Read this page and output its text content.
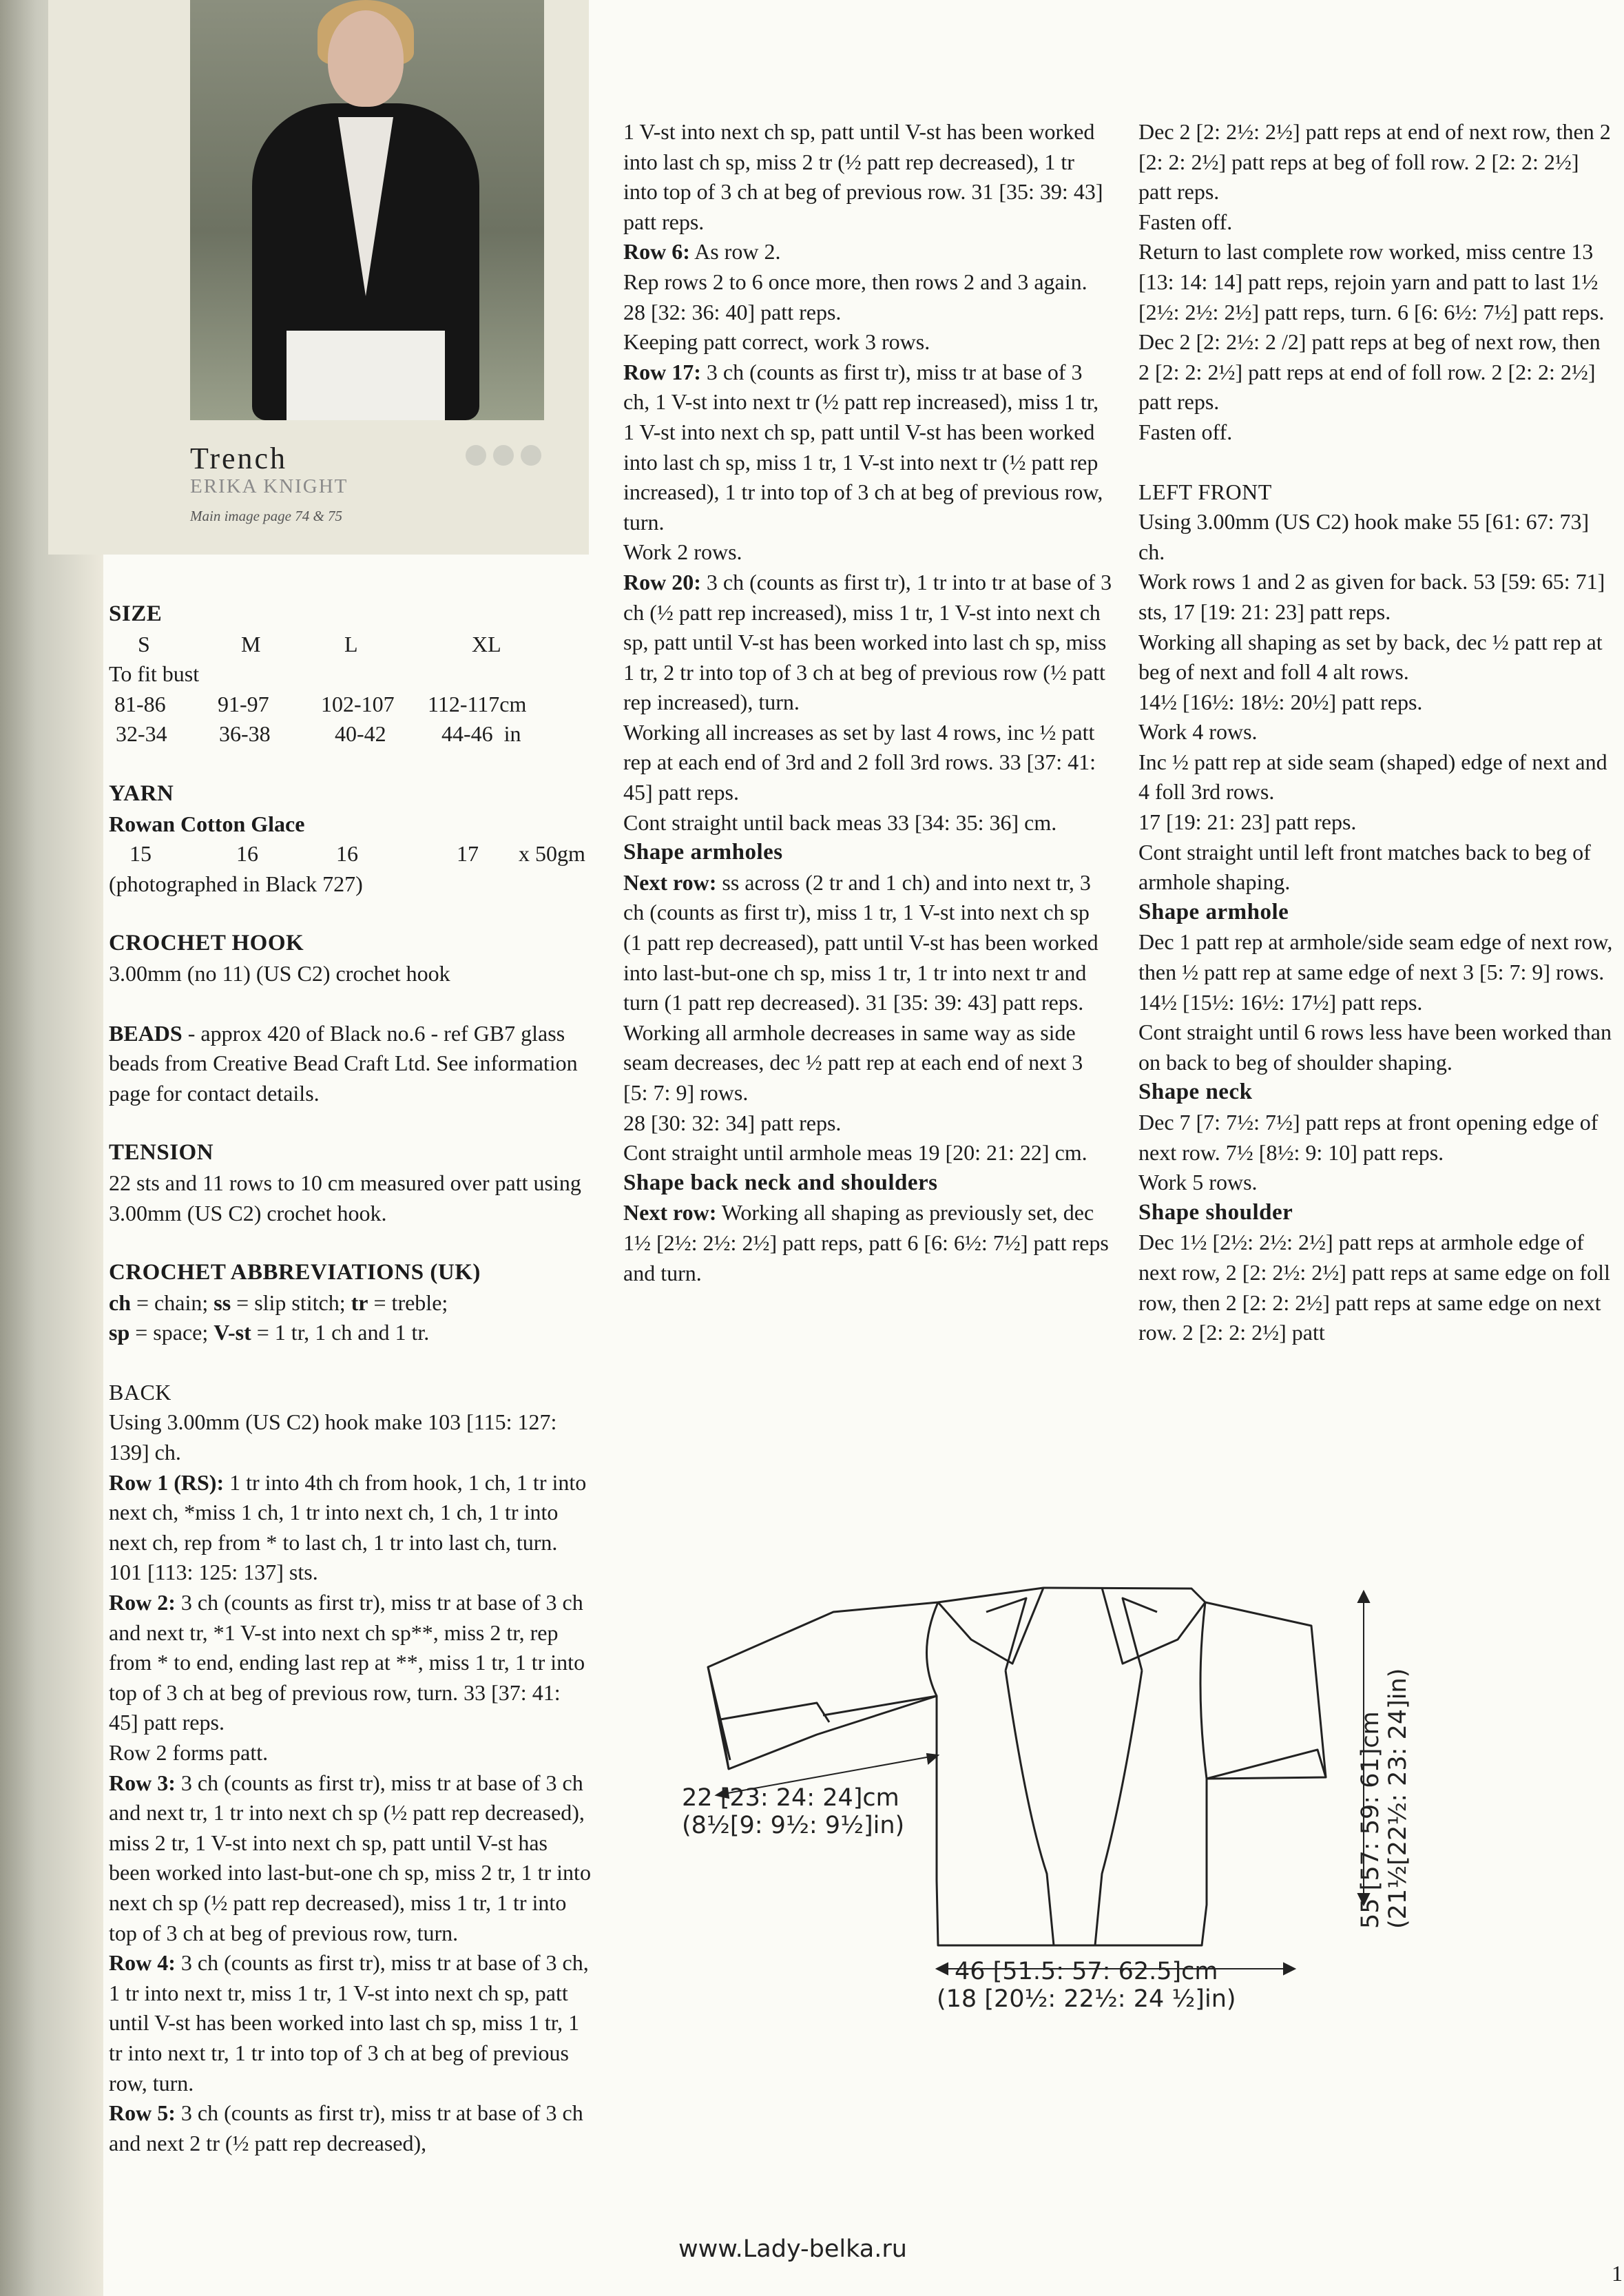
Trench
ERIKA KNIGHT
Main image page 74 & 75

SIZE

S	M	L	XL

To fit bust

81-86	91-97	102-107	112-117cm
32-34	36-38	40-42	44-46  in

YARN

Rowan Cotton Glace

15	16	16	17	x 50gm

(photographed in Black 727)

CROCHET HOOK

3.00mm (no 11) (US C2) crochet hook

BEADS - approx 420 of Black no.6 - ref GB7 glass beads from Creative Bead Craft Ltd. See information page for contact details.

TENSION

22 sts and 11 rows to 10 cm measured over patt using 3.00mm (US C2) crochet hook.

CROCHET ABBREVIATIONS (UK)

ch = chain; ss = slip stitch; tr = treble;

sp = space; V-st = 1 tr, 1 ch and 1 tr.

BACK

Using 3.00mm (US C2) hook make 103 [115: 127: 139] ch.

Row 1 (RS): 1 tr into 4th ch from hook, 1 ch, 1 tr into next ch, *miss 1 ch, 1 tr into next ch, 1 ch, 1 tr into next ch, rep from * to last ch, 1 tr into last ch, turn.

101 [113: 125: 137] sts.

Row 2: 3 ch (counts as first tr), miss tr at base of 3 ch and next tr, *1 V-st into next ch sp**, miss 2 tr, rep from * to end, ending last rep at **, miss 1 tr, 1 tr into top of 3 ch at beg of previous row, turn. 33 [37: 41: 45] patt reps.

Row 2 forms patt.

Row 3: 3 ch (counts as first tr), miss tr at base of 3 ch and next tr, 1 tr into next ch sp (½ patt rep decreased), miss 2 tr, 1 V-st into next ch sp, patt until V-st has been worked into last-but-one ch sp, miss 2 tr, 1 tr into next ch sp (½ patt rep decreased), miss 1 tr, 1 tr into top of 3 ch at beg of previous row, turn.

Row 4: 3 ch (counts as first tr), miss tr at base of 3 ch, 1 tr into next tr, miss 1 tr, 1 V-st into next ch sp, patt until V-st has been worked into last ch sp, miss 1 tr, 1 tr into next tr, 1 tr into top of 3 ch at beg of previous row, turn.

Row 5: 3 ch (counts as first tr), miss tr at base of 3 ch and next 2 tr (½ patt rep decreased),

1 V-st into next ch sp, patt until V-st has been worked into last ch sp, miss 2 tr (½ patt rep decreased), 1 tr into top of 3 ch at beg of previous row. 31 [35: 39: 43] patt reps.

Row 6: As row 2.

Rep rows 2 to 6 once more, then rows 2 and 3 again. 28 [32: 36: 40] patt reps.

Keeping patt correct, work 3 rows.

Row 17: 3 ch (counts as first tr), miss tr at base of 3 ch, 1 V-st into next tr (½ patt rep increased), miss 1 tr, 1 V-st into next ch sp, patt until V-st has been worked into last ch sp, miss 1 tr, 1 V-st into next tr (½ patt rep increased), 1 tr into top of 3 ch at beg of previous row, turn.

Work 2 rows.

Row 20: 3 ch (counts as first tr), 1 tr into tr at base of 3 ch (½ patt rep increased), miss 1 tr, 1 V-st into next ch sp, patt until V-st has been worked into last ch sp, miss 1 tr, 2 tr into top of 3 ch at beg of previous row (½ patt rep increased), turn.

Working all increases as set by last 4 rows, inc ½ patt rep at each end of 3rd and 2 foll 3rd rows. 33 [37: 41: 45] patt reps.

Cont straight until back meas 33 [34: 35: 36] cm.

Shape armholes

Next row: ss across (2 tr and 1 ch) and into next tr, 3 ch (counts as first tr), miss 1 tr, 1 V-st into next ch sp (1 patt rep decreased), patt until V-st has been worked into last-but-one ch sp, miss 1 tr, 1 tr into next tr and turn (1 patt rep decreased). 31 [35: 39: 43] patt reps.

Working all armhole decreases in same way as side seam decreases, dec ½ patt rep at each end of next 3 [5: 7: 9] rows.

28 [30: 32: 34] patt reps.

Cont straight until armhole meas 19 [20: 21: 22] cm.

Shape back neck and shoulders

Next row: Working all shaping as previously set, dec 1½ [2½: 2½: 2½] patt reps, patt 6 [6: 6½: 7½] patt reps and turn.

Dec 2 [2: 2½: 2½] patt reps at end of next row, then 2 [2: 2: 2½] patt reps at beg of foll row. 2 [2: 2: 2½] patt reps.

Fasten off.

Return to last complete row worked, miss centre 13 [13: 14: 14] patt reps, rejoin yarn and patt to last 1½ [2½: 2½: 2½] patt reps, turn. 6 [6: 6½: 7½] patt reps.

Dec 2 [2: 2½: 2 /2] patt reps at beg of next row, then 2 [2: 2: 2½] patt reps at end of foll row. 2 [2: 2: 2½] patt reps.

Fasten off.

LEFT FRONT

Using 3.00mm (US C2) hook make 55 [61: 67: 73] ch.

Work rows 1 and 2 as given for back. 53 [59: 65: 71] sts, 17 [19: 21: 23] patt reps.

Working all shaping as set by back, dec ½ patt rep at beg of next and foll 4 alt rows.

14½ [16½: 18½: 20½] patt reps.

Work 4 rows.

Inc ½ patt rep at side seam (shaped) edge of next and 4 foll 3rd rows.

17 [19: 21: 23] patt reps.

Cont straight until left front matches back to beg of armhole shaping.

Shape armhole

Dec 1 patt rep at armhole/side seam edge of next row, then ½ patt rep at same edge of next 3 [5: 7: 9] rows.

14½ [15½: 16½: 17½] patt reps.

Cont straight until 6 rows less have been worked than on back to beg of shoulder shaping.

Shape neck

Dec 7 [7: 7½: 7½] patt reps at front opening edge of next row. 7½ [8½: 9: 10] patt reps.

Work 5 rows.

Shape shoulder

Dec 1½ [2½: 2½: 2½] patt reps at armhole edge of next row, 2 [2: 2½: 2½] patt reps at same edge on foll row, then 2 [2: 2: 2½] patt reps at same edge on next row. 2 [2: 2: 2½] patt

22 [23: 24: 24]cm
(8½[9: 9½: 9½]in)
46 [51.5: 57: 62.5]cm
(18 [20½: 22½: 24 ½]in)
55 [57: 59: 61]cm (21½[22½: 23: 24]in)
www.Lady-belka.ru
1
